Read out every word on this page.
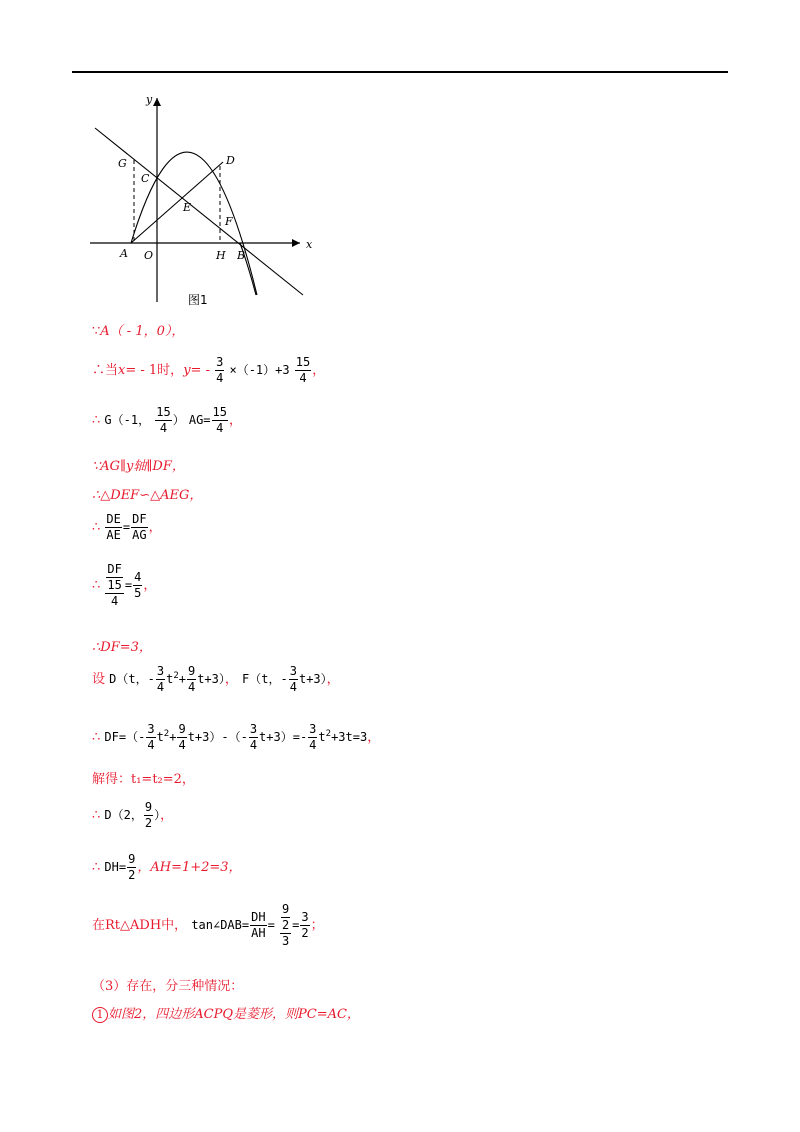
y
x
G	D
C
E
F
A O	H B
图1
∵A（ - 1，0），
∴当x= - 1时，$y= - \frac{3}{4} \times(-1)+3 \frac{15}{4}$ ，
∴ G（-1， $\frac{15}{4}$ ） $AG= \frac{15}{4}$ ，
∵AG∥y轴∥DF，
∴△DEF∽△AEG，
∴ $\frac{DE}{AE} = \frac{DF}{AG}$ ，
∴ $\frac{\frac{DF}{15}}{4} = \frac{4}{5}$ ，
∴DF=3，
设 D（t，- $\frac{3}{4} t^2+ \frac{9}{4} t+3$）， F（t，- $\frac{3}{4} t+3$），
∴ $DF=(- \frac{3}{4} t^2+ \frac{9}{4} t+3)-(- \frac{3}{4} t+3)=- \frac{3}{4} t^2+3t=3$，
解得：t₁=t₂=2，
∴ D（2， $\frac{9}{2}$ ），
∴ $DH= \frac{9}{2}$ ，AH=1+2=3，
在Rt△ADH中， tan∠DAB= $\frac{DH}{AH} = \frac{\frac{9}{2}}{3} = \frac{3}{2}$ ；
（3）存在，分三种情况：
1 如图2，四边形ACPQ是菱形，则PC=AC，
